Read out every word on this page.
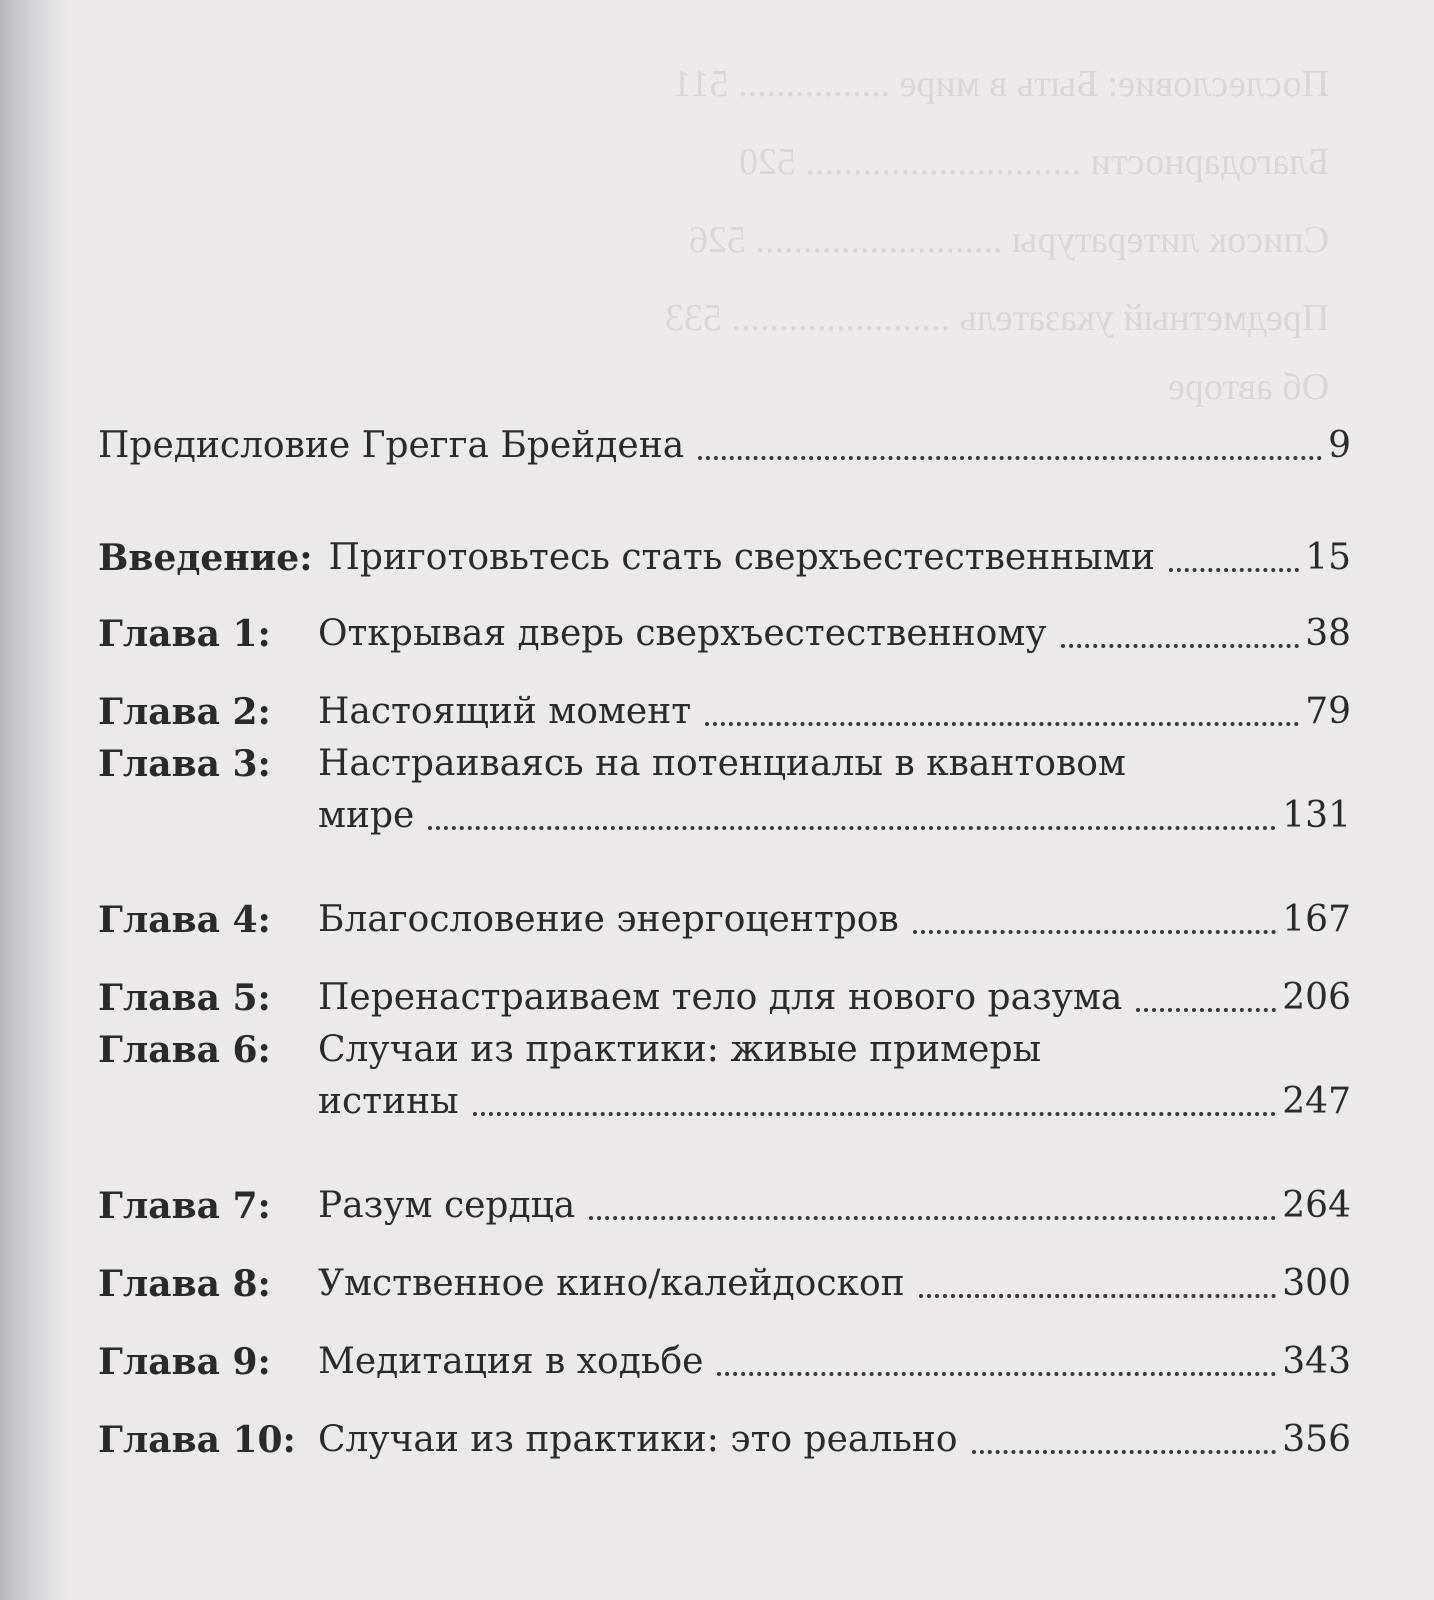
Послесловие: Быть в мире ................ 511
Благодарности ............................. 520
Список литературы .......................... 526
Предметный указатель ....................... 533
Об авторе
Предисловие Грегга Брейдена	9
Введение: Приготовьтесь стать сверхъестественными	15
Глава 1:	Открывая дверь сверхъестественному	38
Глава 2:	Настоящий момент	79
Глава 3:	Настраиваясь на потенциалы в квантовом
мире	131
Глава 4:	Благословение энергоцентров	167
Глава 5:	Перенастраиваем тело для нового разума	206
Глава 6:	Случаи из практики: живые примеры
истины	247
Глава 7:	Разум сердца	264
Глава 8:	Умственное кино/калейдоскоп	300
Глава 9:	Медитация в ходьбе	343
Глава 10: Случаи из практики: это реально	356
